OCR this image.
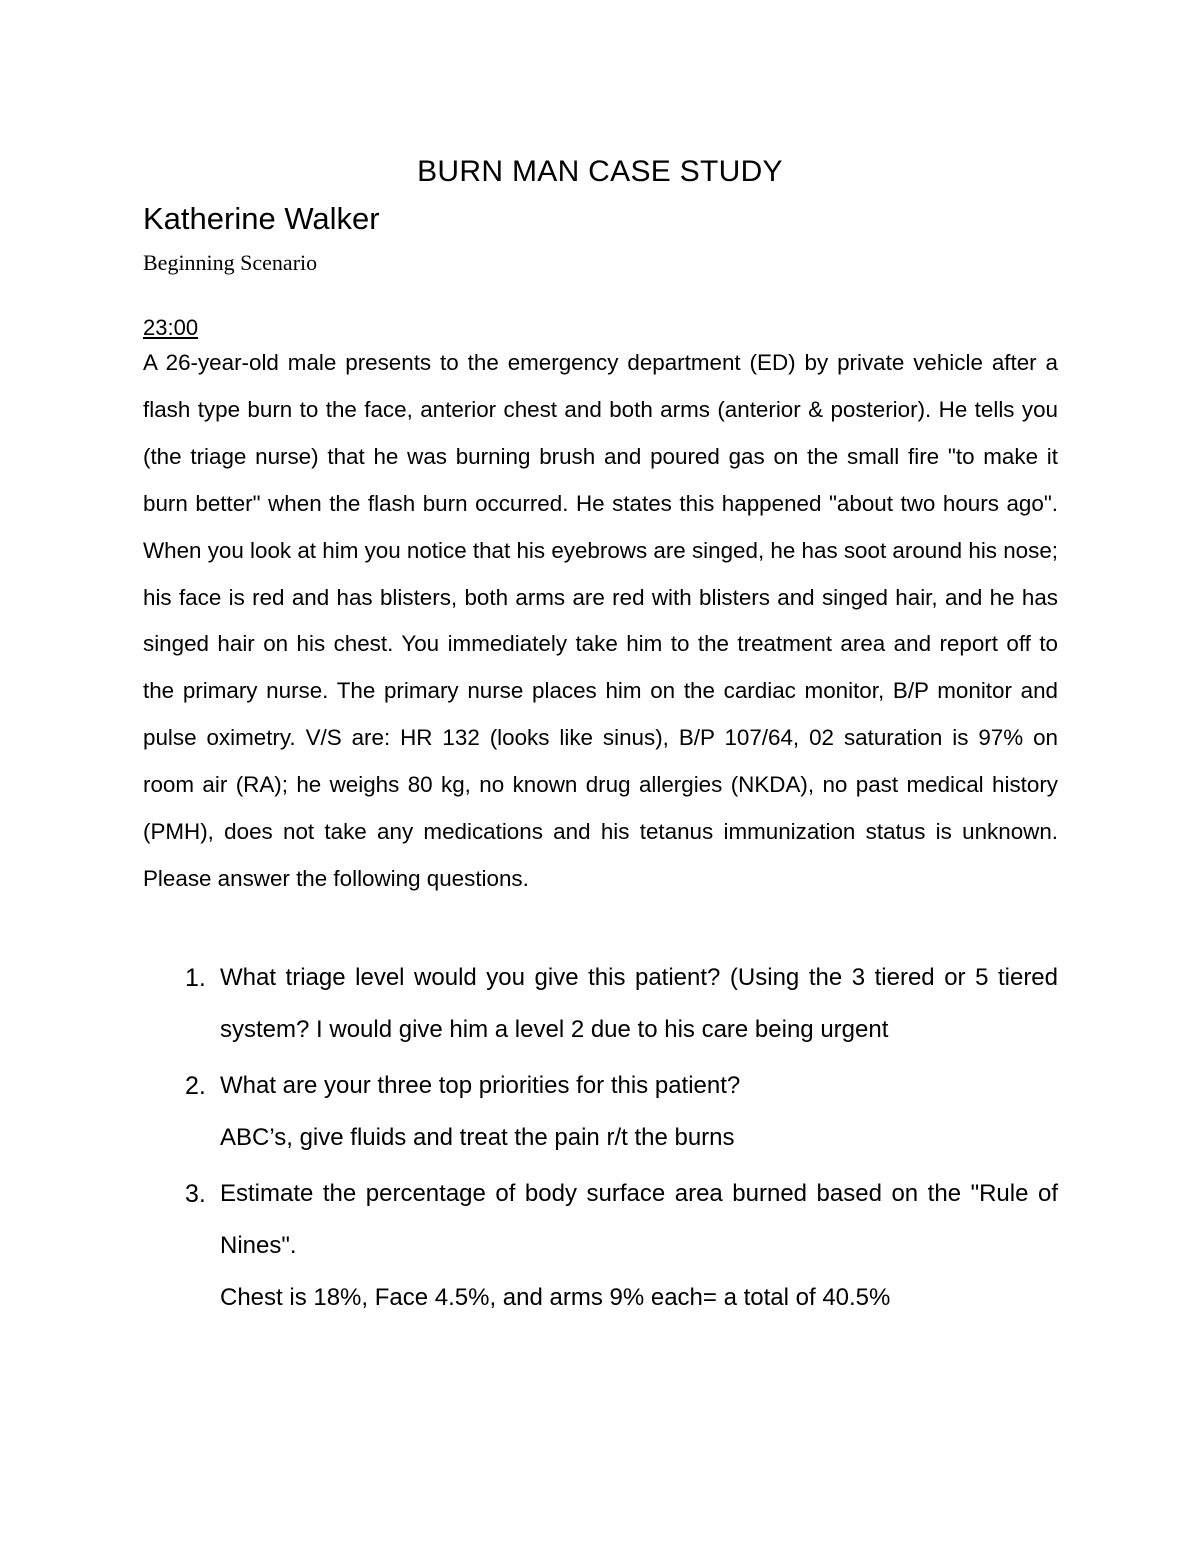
BURN MAN CASE STUDY
Katherine Walker
Beginning Scenario
23:00

A 26-year-old male presents to the emergency department (ED) by private vehicle after a flash type burn to the face, anterior chest and both arms (anterior & posterior). He tells you (the triage nurse) that he was burning brush and poured gas on the small fire "to make it burn better" when the flash burn occurred. He states this happened "about two hours ago". When you look at him you notice that his eyebrows are singed, he has soot around his nose; his face is red and has blisters, both arms are red with blisters and singed hair, and he has singed hair on his chest. You immediately take him to the treatment area and report off to the primary nurse. The primary nurse places him on the cardiac monitor, B/P monitor and pulse oximetry. V/S are: HR 132 (looks like sinus), B/P 107/64, 02 saturation is 97% on room air (RA); he weighs 80 kg, no known drug allergies (NKDA), no past medical history (PMH), does not take any medications and his tetanus immunization status is unknown. Please answer the following questions.

1. What triage level would you give this patient? (Using the 3 tiered or 5 tiered system? I would give him a level 2 due to his care being urgent

2. What are your three top priorities for this patient?

ABC’s, give fluids and treat the pain r/t the burns

3. Estimate the percentage of body surface area burned based on the "Rule of Nines".

Chest is 18%, Face 4.5%, and arms 9% each= a total of 40.5%
